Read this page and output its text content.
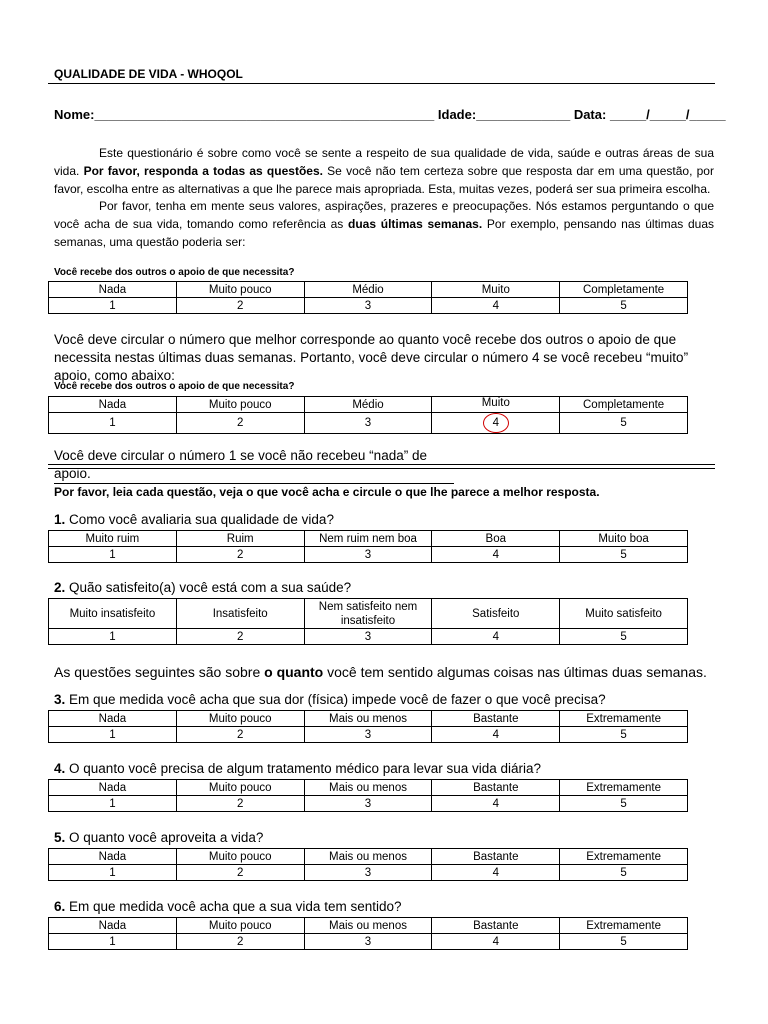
QUALIDADE DE VIDA - WHOQOL
Nome:_______________________________________________ Idade:_____________ Data: _____/_____/_____
Este questionário é sobre como você se sente a respeito de sua qualidade de vida, saúde e outras áreas de sua vida. Por favor, responda a todas as questões. Se você não tem certeza sobre que resposta dar em uma questão, por favor, escolha entre as alternativas a que lhe parece mais apropriada. Esta, muitas vezes, poderá ser sua primeira escolha.
Por favor, tenha em mente seus valores, aspirações, prazeres e preocupações. Nós estamos perguntando o que você acha de sua vida, tomando como referência as duas últimas semanas. Por exemplo, pensando nas últimas duas semanas, uma questão poderia ser:
Você recebe dos outros o apoio de que necessita?
Nada	Muito pouco	Médio	Muito	Completamente
1	2	3	4	5
Você deve circular o número que melhor corresponde ao quanto você recebe dos outros o apoio de que necessita nestas últimas duas semanas. Portanto, você deve circular o número 4 se você recebeu “muito” apoio, como abaixo:
Você recebe dos outros o apoio de que necessita?
Nada	Muito pouco	Médio	Muito	Completamente
1	2	3	4	5
Você deve circular o número 1 se você não recebeu “nada” de apoio.
Por favor, leia cada questão, veja o que você acha e circule o que lhe parece a melhor resposta.
1. Como você avaliaria sua qualidade de vida?
Muito ruim	Ruim	Nem ruim nem boa	Boa	Muito boa
1	2	3	4	5
2. Quão satisfeito(a) você está com a sua saúde?
Muito insatisfeito	Insatisfeito	Nem satisfeito nem insatisfeito	Satisfeito	Muito satisfeito
1	2	3	4	5
As questões seguintes são sobre o quanto você tem sentido algumas coisas nas últimas duas semanas.
3. Em que medida você acha que sua dor (física) impede você de fazer o que você precisa?
Nada	Muito pouco	Mais ou menos	Bastante	Extremamente
1	2	3	4	5
4. O quanto você precisa de algum tratamento médico para levar sua vida diária?
Nada	Muito pouco	Mais ou menos	Bastante	Extremamente
1	2	3	4	5
5. O quanto você aproveita a vida?
Nada	Muito pouco	Mais ou menos	Bastante	Extremamente
1	2	3	4	5
6. Em que medida você acha que a sua vida tem sentido?
Nada	Muito pouco	Mais ou menos	Bastante	Extremamente
1	2	3	4	5
